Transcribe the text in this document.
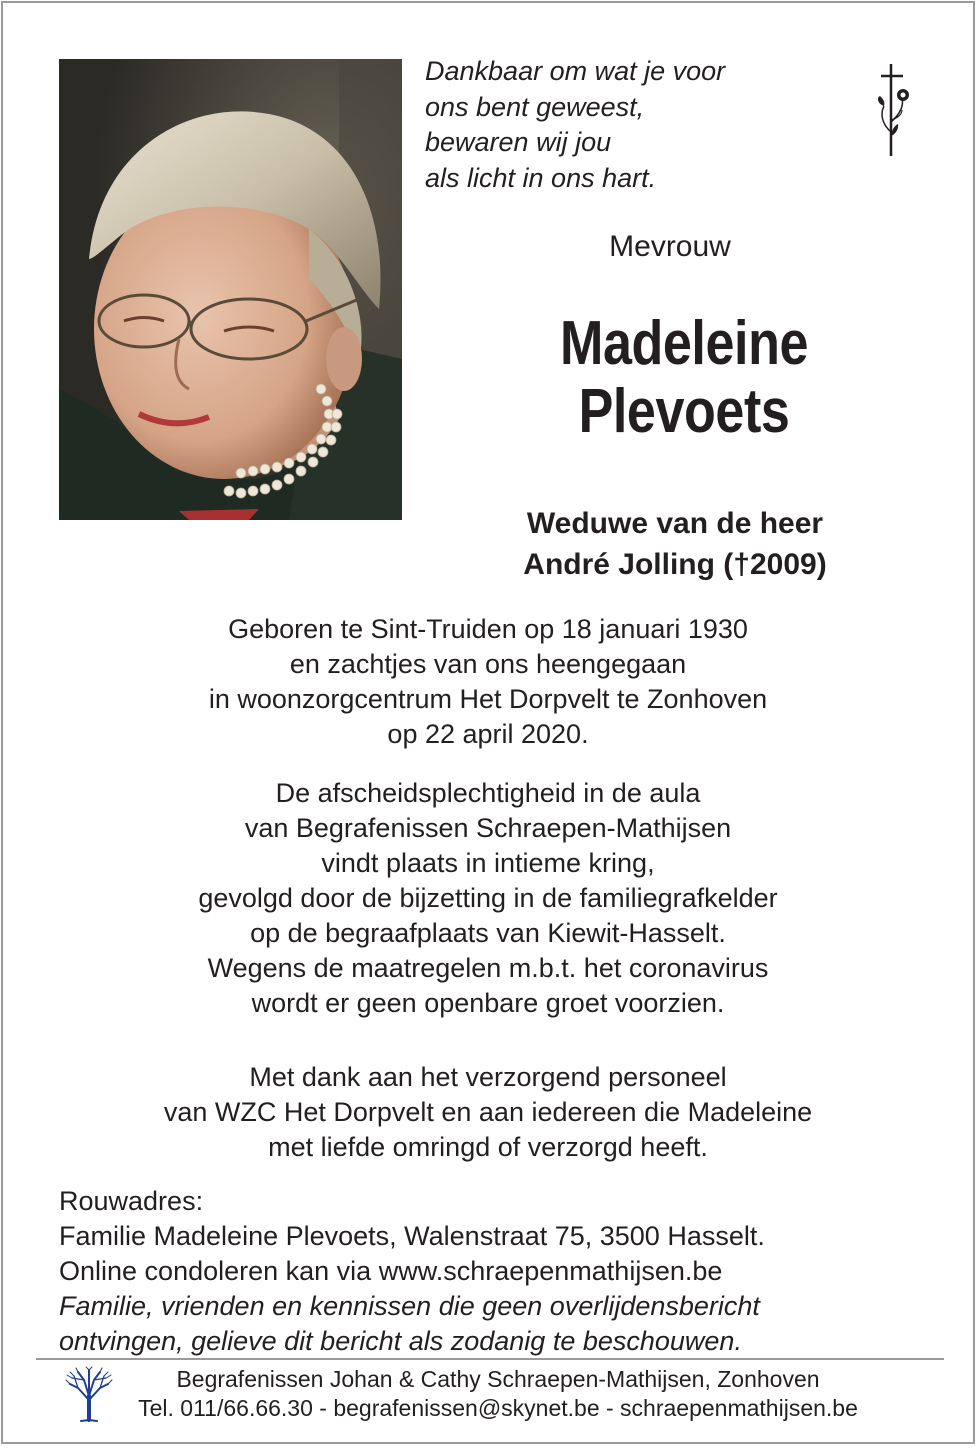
Dankbaar om wat je voor
ons bent geweest,
bewaren wij jou
als licht in ons hart.
Mevrouw
Madeleine
Plevoets
Weduwe van de heer
André Jolling (†2009)
Geboren te Sint-Truiden op 18 januari 1930
en zachtjes van ons heengegaan
in woonzorgcentrum Het Dorpvelt te Zonhoven
op 22 april 2020.
De afscheidsplechtigheid in de aula
van Begrafenissen Schraepen-Mathijsen
vindt plaats in intieme kring,
gevolgd door de bijzetting in de familiegrafkelder
op de begraafplaats van Kiewit-Hasselt.
Wegens de maatregelen m.b.t. het coronavirus
wordt er geen openbare groet voorzien.
Met dank aan het verzorgend personeel
van WZC Het Dorpvelt en aan iedereen die Madeleine
met liefde omringd of verzorgd heeft.
Rouwadres:
Familie Madeleine Plevoets, Walenstraat 75, 3500 Hasselt.
Online condoleren kan via www.schraepenmathijsen.be
Familie, vrienden en kennissen die geen overlijdensbericht
ontvingen, gelieve dit bericht als zodanig te beschouwen.
Begrafenissen Johan & Cathy Schraepen-Mathijsen, Zonhoven
Tel. 011/66.66.30 - begrafenissen@skynet.be - schraepenmathijsen.be
